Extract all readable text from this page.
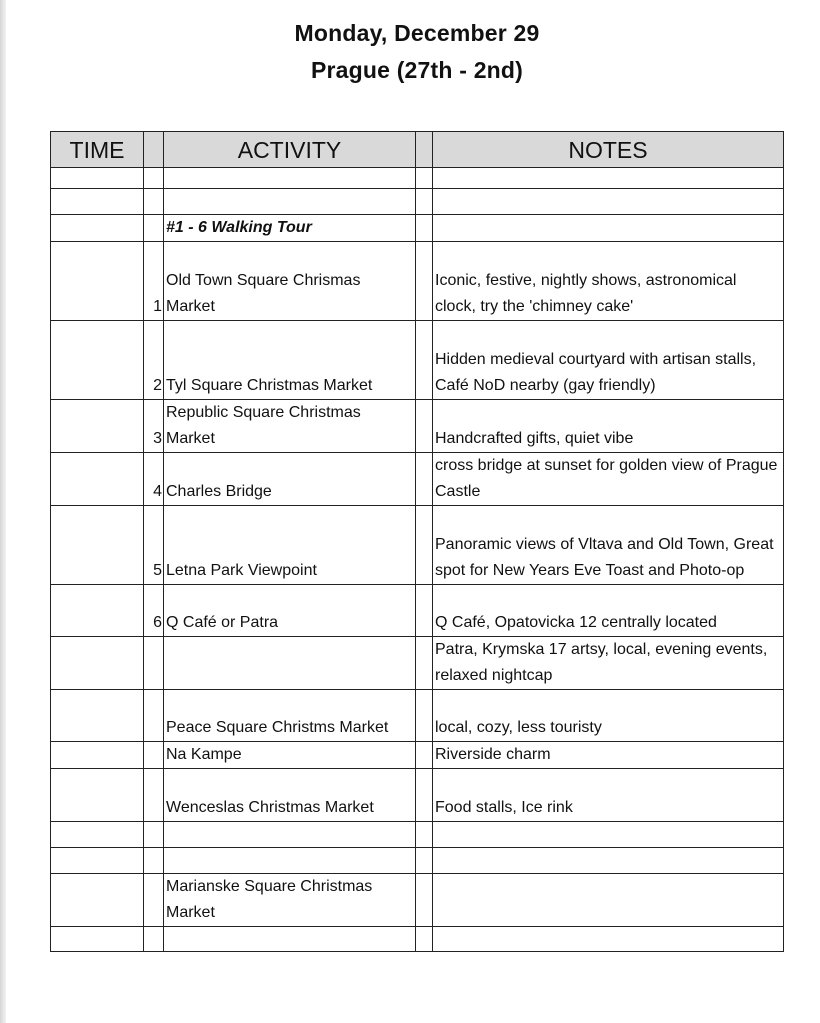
Monday, December 29
Prague (27th - 2nd)
TIME		ACTIVITY		NOTES

		#1 - 6 Walking Tour		
	1	Old Town Square Chrismas Market		Iconic, festive, nightly shows, astronomical clock, try the 'chimney cake'
	2	Tyl Square Christmas Market		Hidden medieval courtyard with artisan stalls, Café NoD nearby (gay friendly)
	3	Republic Square Christmas Market		Handcrafted gifts, quiet vibe
	4	Charles Bridge		cross bridge at sunset for golden view of Prague Castle
	5	Letna Park Viewpoint		Panoramic views of Vltava and Old Town, Great spot for New Years Eve Toast and Photo-op
	6	Q Café or Patra		Q Café, Opatovicka 12 centrally located
				Patra, Krymska 17 artsy, local, evening events, relaxed nightcap
		Peace Square Christms Market		local, cozy, less touristy
		Na Kampe		Riverside charm
		Wenceslas Christmas Market		Food stalls, Ice rink

		Marianske Square Christmas Market		
